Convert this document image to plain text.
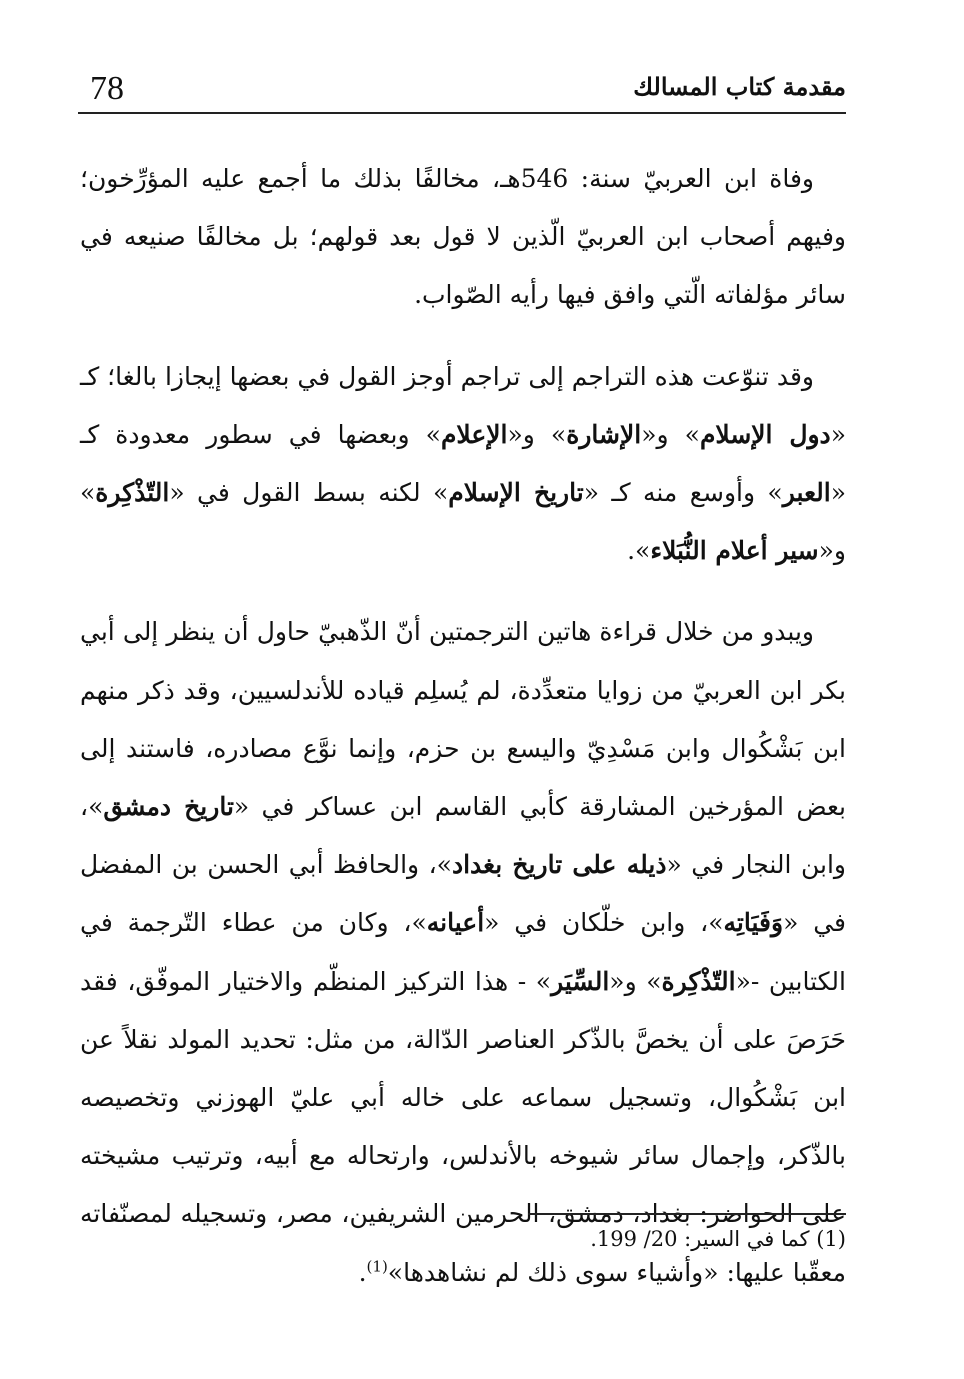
مقدمة كتاب المسالك
78

وفاة ابن العربيّ سنة: 546هـ، مخالفًا بذلك ما أجمع عليه المؤرِّخون؛ وفيهم أصحاب ابن العربيّ الّذين لا قول بعد قولهم؛ بل مخالفًا صنيعه في سائر مؤلفاته الّتي وافق فيها رأيه الصّواب.

وقد تنوّعت هذه التراجم إلى تراجم أوجز القول في بعضها إيجازا بالغا؛ كـ «دول الإسلام» و«الإشارة» و«الإعلام» وبعضها في سطور معدودة كـ «العبر» وأوسع منه كـ «تاريخ الإسلام» لكنه بسط القول في «التّذْكِرة» و«سير أعلام النُّبَلاء».

ويبدو من خلال قراءة هاتين الترجمتين أنّ الذّهبيّ حاول أن ينظر إلى أبي بكر ابن العربيّ من زوايا متعدِّدة، لم يُسلِم قياده للأندلسيين، وقد ذكر منهم ابن بَشْكُوال وابن مَسْدِيّ واليسع بن حزم، وإنما نوَّع مصادره، فاستند إلى بعض المؤرخين المشارقة كأبي القاسم ابن عساكر في «تاريخ دمشق»، وابن النجار في «ذيله على تاريخ بغداد»، والحافظ أبي الحسن بن المفضل في «وَفَيَاتِه»، وابن خلّكان في «أعيانه»، وكان من عطاء التّرجمة في الكتابين -«التّذْكِرة» و«السِّيَر» - هذا التركيز المنظّم والاختيار الموفّق، فقد حَرَصَ على أن يخصَّ بالذّكر العناصر الدّالة، من مثل: تحديد المولد نقلاً عن ابن بَشْكُوال، وتسجيل سماعه على خاله أبي عليّ الهوزني وتخصيصه بالذّكر، وإجمال سائر شيوخه بالأندلس، وارتحاله مع أبيه، وترتيب مشيخته على الحواضر: بغداد، دمشق، الحرمين الشريفين، مصر، وتسجيله لمصنّفاته معقّبا عليها: «وأشياء سوى ذلك لم نشاهدها»$^{(1)}$.

(1) كما في السير: 20/ 199.
